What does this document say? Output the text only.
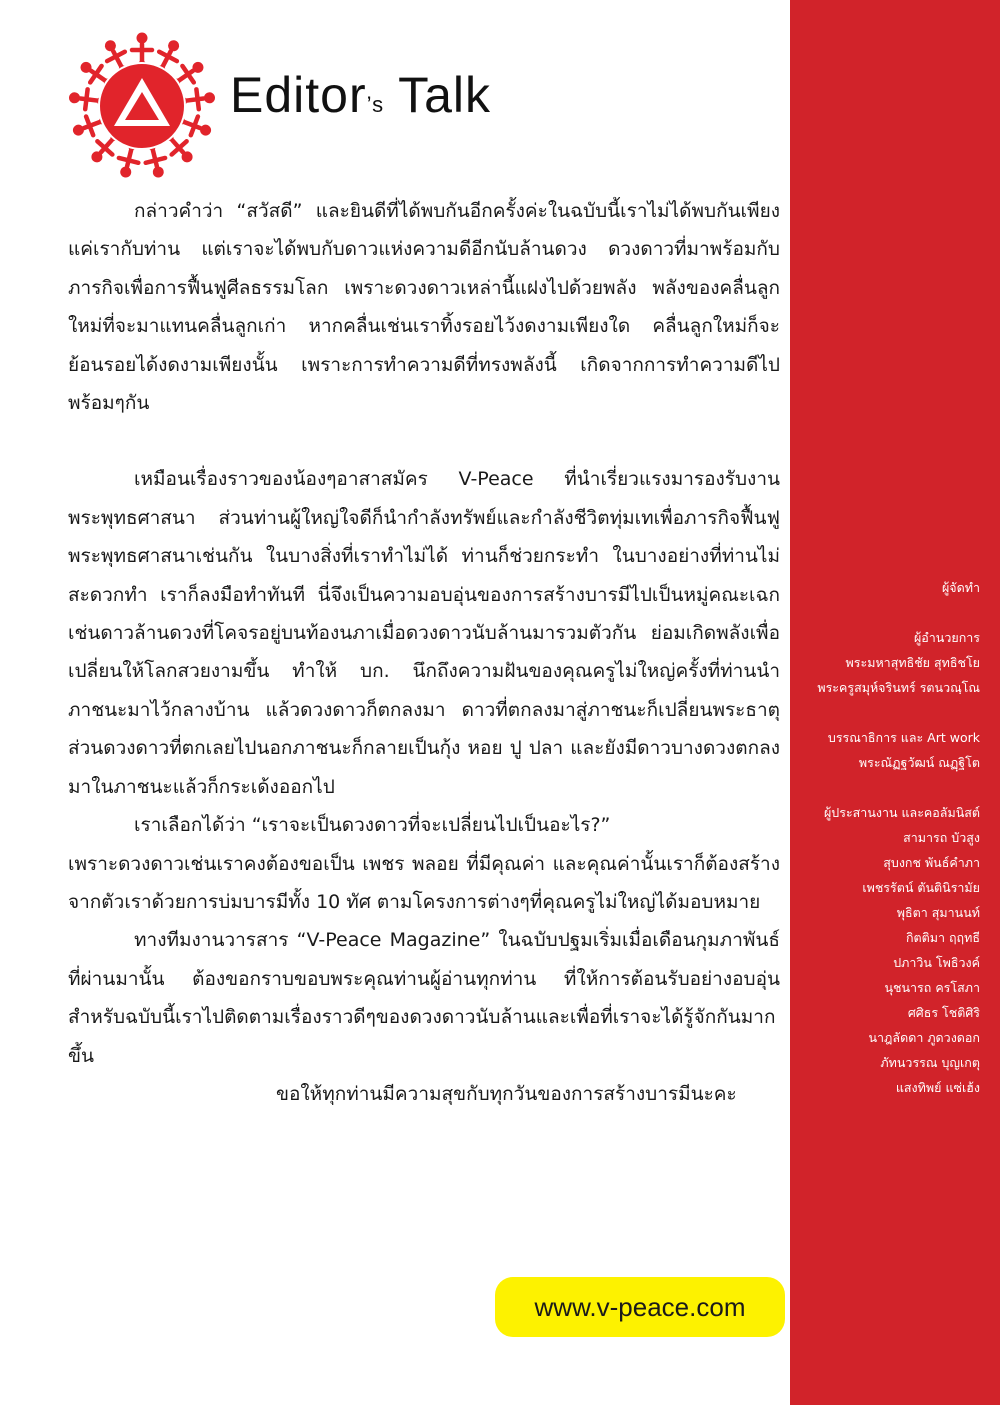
Editor’s Talk

กล่าวคำว่า “สวัสดี” และยินดีที่ได้พบกันอีกครั้งค่ะในฉบับนี้เราไม่ได้พบกันเพียงแค่เรากับท่าน แต่เราจะได้พบกับดาวแห่งความดีอีกนับล้านดวง ดวงดาวที่มาพร้อมกับภารกิจเพื่อการฟื้นฟูศีลธรรมโลก เพราะดวงดาวเหล่านี้แฝงไปด้วยพลัง พลังของคลื่นลูกใหม่ที่จะมาแทนคลื่นลูกเก่า หากคลื่นเช่นเราทิ้งรอยไว้งดงามเพียงใด คลื่นลูกใหม่ก็จะย้อนรอยได้งดงามเพียงนั้น เพราะการทำความดีที่ทรงพลังนี้ เกิดจากการทำความดีไปพร้อมๆกัน

เหมือนเรื่องราวของน้องๆอาสาสมัคร V-Peace ที่นำเรี่ยวแรงมารองรับงานพระพุทธศาสนา ส่วนท่านผู้ใหญ่ใจดีก็นำกำลังทรัพย์และกำลังชีวิตทุ่มเทเพื่อภารกิจฟื้นฟูพระพุทธศาสนาเช่นกัน ในบางสิ่งที่เราทำไม่ได้ ท่านก็ช่วยกระทำ ในบางอย่างที่ท่านไม่สะดวกทำ เราก็ลงมือทำทันที นี่จึงเป็นความอบอุ่นของการสร้างบารมีไปเป็นหมู่คณะเฉกเช่นดาวล้านดวงที่โคจรอยู่บนท้องนภาเมื่อดวงดาวนับล้านมารวมตัวกัน ย่อมเกิดพลังเพื่อเปลี่ยนให้โลกสวยงามขึ้น ทำให้ บก. นึกถึงความฝันของคุณครูไม่ใหญ่ครั้งที่ท่านนำภาชนะมาไว้กลางบ้าน แล้วดวงดาวก็ตกลงมา ดาวที่ตกลงมาสู่ภาชนะก็เปลี่ยนพระธาตุ ส่วนดวงดาวที่ตกเลยไปนอกภาชนะก็กลายเป็นกุ้ง หอย ปู ปลา และยังมีดาวบางดวงตกลงมาในภาชนะแล้วก็กระเด้งออกไป

เราเลือกได้ว่า “เราจะเป็นดวงดาวที่จะเปลี่ยนไปเป็นอะไร?”

เพราะดวงดาวเช่นเราคงต้องขอเป็น เพชร พลอย ที่มีคุณค่า และคุณค่านั้นเราก็ต้องสร้างจากตัวเราด้วยการบ่มบารมีทั้ง 10 ทัศ ตามโครงการต่างๆที่คุณครูไม่ใหญ่ได้มอบหมาย

ทางทีมงานวารสาร “V-Peace Magazine” ในฉบับปฐมเริ่มเมื่อเดือนกุมภาพันธ์ที่ผ่านมานั้น ต้องขอกราบขอบพระคุณท่านผู้อ่านทุกท่าน ที่ให้การต้อนรับอย่างอบอุ่น สำหรับฉบับนี้เราไปติดตามเรื่องราวดีๆของดวงดาวนับล้านและเพื่อที่เราจะได้รู้จักกันมากขึ้น

ขอให้ทุกท่านมีความสุขกับทุกวันของการสร้างบารมีนะคะ

ผู้จัดทำ
ผู้อำนวยการ
พระมหาสุทธิชัย สุทธิชโย
พระครูสมุห์จรินทร์ รตนวณฺโณ
บรรณาธิการ และ Art work
พระณัฏฐวัฒน์ ณฏฺฐิโต
ผู้ประสานงาน และคอลัมนิสต์
สามารถ บัวสูง
สุบงกช พันธ์คำภา
เพชรรัตน์ ตันตินิรามัย
พุธิตา สุมานนท์
กิตติมา ฤฤทธี
ปภาวิน โพธิวงค์
นุชนารถ ครโสภา
ศศิธร โชติศิริ
นาฎลัดดา ภูดวงดอก
ภัทนวรรณ บุญเกตุ
แสงทิพย์ แซ่เฮ้ง
www.v-peace.com
